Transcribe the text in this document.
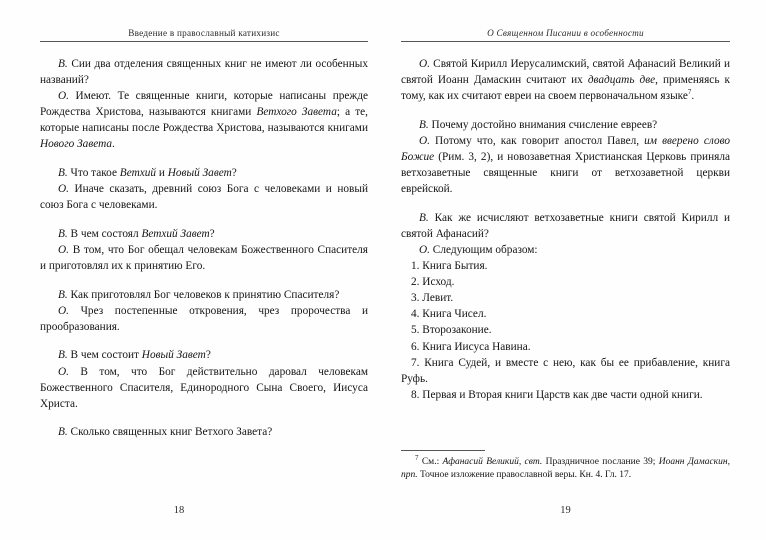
Введение в православный катихизис

В. Сии два отделения священных книг не имеют ли особенных названий?

О. Имеют. Те священные книги, которые написаны прежде Рождества Христова, называются книгами Ветхого Завета; а те, которые написаны после Рождества Христова, называются книгами Нового Завета.

В. Что такое Ветхий и Новый Завет?

О. Иначе сказать, древний союз Бога с человеками и новый союз Бога с человеками.

В. В чем состоял Ветхий Завет?

О. В том, что Бог обещал человекам Божественного Спасителя и приготовлял их к принятию Его.

В. Как приготовлял Бог человеков к принятию Спасителя?

О. Чрез постепенные откровения, чрез пророчества и прообразования.

В. В чем состоит Новый Завет?

О. В том, что Бог действительно даровал человекам Божественного Спасителя, Единородного Сына Своего, Иисуса Христа.

В. Сколько священных книг Ветхого Завета?

18
О Священном Писании в особенности

О. Святой Кирилл Иерусалимский, святой Афанасий Великий и святой Иоанн Дамаскин считают их двадцать две, применяясь к тому, как их считают евреи на своем первоначальном языке$^7$.

В. Почему достойно внимания счисление евреев?

О. Потому что, как говорит апостол Павел, им вверено слово Божие (Рим. 3, 2), и новозаветная Христианская Церковь приняла ветхозаветные священные книги от ветхозаветной церкви еврейской.

В. Как же исчисляют ветхозаветные книги святой Кирилл и святой Афанасий?

О. Следующим образом:

1. Книга Бытия.

2. Исход.

3. Левит.

4. Книга Чисел.

5. Второзаконие.

6. Книга Иисуса Навина.

7. Книга Судей, и вместе с нею, как бы ее прибавление, книга Руфь.

8. Первая и Вторая книги Царств как две части одной книги.

$^7$ См.: Афанасий Великий, свт. Праздничное послание 39; Иоанн Дамаскин, прп. Точное изложение православной веры. Кн. 4. Гл. 17.

19
